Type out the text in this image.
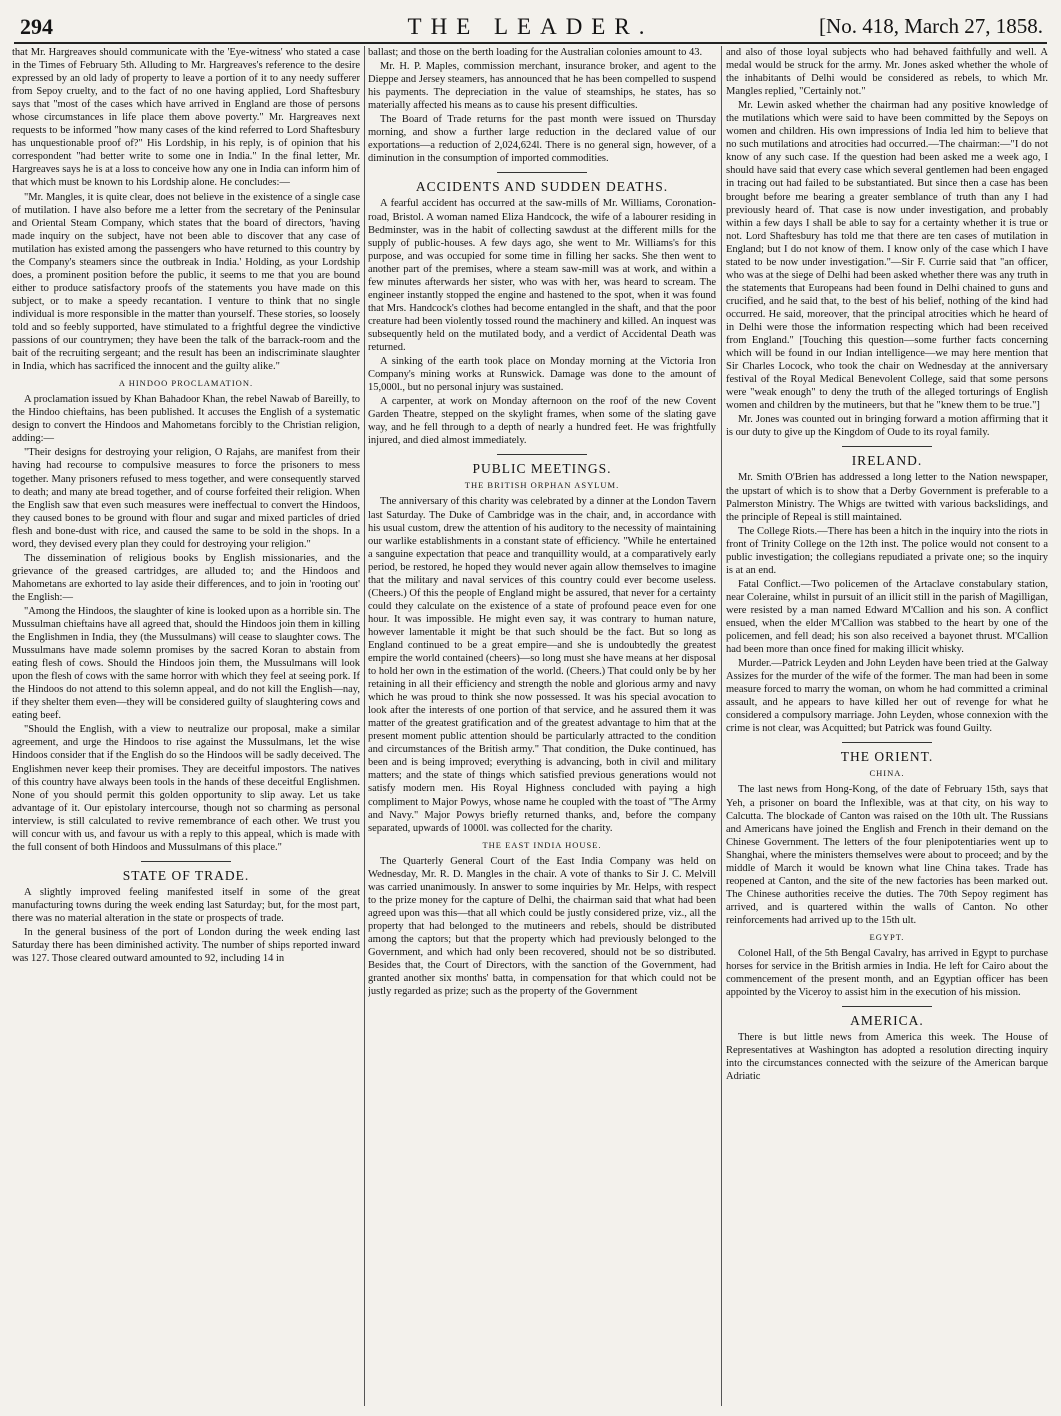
294	THE LEADER.	[No. 418, March 27, 1858.

that Mr. Hargreaves should communicate with the 'Eye-witness' who stated a case in the Times of February 5th. Alluding to Mr. Hargreaves's reference to the desire expressed by an old lady of property to leave a portion of it to any needy sufferer from Sepoy cruelty, and to the fact of no one having applied, Lord Shaftesbury says that "most of the cases which have arrived in England are those of persons whose circumstances in life place them above poverty." Mr. Hargreaves next requests to be informed "how many cases of the kind referred to Lord Shaftesbury has unquestionable proof of?" His Lordship, in his reply, is of opinion that his correspondent "had better write to some one in India." In the final letter, Mr. Hargreaves says he is at a loss to conceive how any one in India can inform him of that which must be known to his Lordship alone. He concludes:—

"Mr. Mangles, it is quite clear, does not believe in the existence of a single case of mutilation. I have also before me a letter from the secretary of the Peninsular and Oriental Steam Company, which states that the board of directors, 'having made inquiry on the subject, have not been able to discover that any case of mutilation has existed among the passengers who have returned to this country by the Company's steamers since the outbreak in India.' Holding, as your Lordship does, a prominent position before the public, it seems to me that you are bound either to produce satisfactory proofs of the statements you have made on this subject, or to make a speedy recantation. I venture to think that no single individual is more responsible in the matter than yourself. These stories, so loosely told and so feebly supported, have stimulated to a frightful degree the vindictive passions of our countrymen; they have been the talk of the barrack-room and the bait of the recruiting sergeant; and the result has been an indiscriminate slaughter in India, which has sacrificed the innocent and the guilty alike."

A HINDOO PROCLAMATION.

A proclamation issued by Khan Bahadoor Khan, the rebel Nawab of Bareilly, to the Hindoo chieftains, has been published. It accuses the English of a systematic design to convert the Hindoos and Mahometans forcibly to the Christian religion, adding:—

"Their designs for destroying your religion, O Rajahs, are manifest from their having had recourse to compulsive measures to force the prisoners to mess together. Many prisoners refused to mess together, and were consequently starved to death; and many ate bread together, and of course forfeited their religion. When the English saw that even such measures were ineffectual to convert the Hindoos, they caused bones to be ground with flour and sugar and mixed particles of dried flesh and bone-dust with rice, and caused the same to be sold in the shops. In a word, they devised every plan they could for destroying your religion."

The dissemination of religious books by English missionaries, and the grievance of the greased cartridges, are alluded to; and the Hindoos and Mahometans are exhorted to lay aside their differences, and to join in 'rooting out' the English:—

"Among the Hindoos, the slaughter of kine is looked upon as a horrible sin. The Mussulman chieftains have all agreed that, should the Hindoos join them in killing the Englishmen in India, they (the Mussulmans) will cease to slaughter cows. The Mussulmans have made solemn promises by the sacred Koran to abstain from eating flesh of cows. Should the Hindoos join them, the Mussulmans will look upon the flesh of cows with the same horror with which they feel at seeing pork. If the Hindoos do not attend to this solemn appeal, and do not kill the English—nay, if they shelter them even—they will be considered guilty of slaughtering cows and eating beef.

"Should the English, with a view to neutralize our proposal, make a similar agreement, and urge the Hindoos to rise against the Mussulmans, let the wise Hindoos consider that if the English do so the Hindoos will be sadly deceived. The Englishmen never keep their promises. They are deceitful impostors. The natives of this country have always been tools in the hands of these deceitful Englishmen. None of you should permit this golden opportunity to slip away. Let us take advantage of it. Our epistolary intercourse, though not so charming as personal interview, is still calculated to revive remembrance of each other. We trust you will concur with us, and favour us with a reply to this appeal, which is made with the full consent of both Hindoos and Mussulmans of this place."

STATE OF TRADE.

A slightly improved feeling manifested itself in some of the great manufacturing towns during the week ending last Saturday; but, for the most part, there was no material alteration in the state or prospects of trade.

In the general business of the port of London during the week ending last Saturday there has been diminished activity. The number of ships reported inward was 127. Those cleared outward amounted to 92, including 14 in

ballast; and those on the berth loading for the Australian colonies amount to 43.

Mr. H. P. Maples, commission merchant, insurance broker, and agent to the Dieppe and Jersey steamers, has announced that he has been compelled to suspend his payments. The depreciation in the value of steamships, he states, has so materially affected his means as to cause his present difficulties.

The Board of Trade returns for the past month were issued on Thursday morning, and show a further large reduction in the declared value of our exportations—a reduction of 2,024,624l. There is no general sign, however, of a diminution in the consumption of imported commodities.

ACCIDENTS AND SUDDEN DEATHS.

A fearful accident has occurred at the saw-mills of Mr. Williams, Coronation-road, Bristol. A woman named Eliza Handcock, the wife of a labourer residing in Bedminster, was in the habit of collecting sawdust at the different mills for the supply of public-houses. A few days ago, she went to Mr. Williams's for this purpose, and was occupied for some time in filling her sacks. She then went to another part of the premises, where a steam saw-mill was at work, and within a few minutes afterwards her sister, who was with her, was heard to scream. The engineer instantly stopped the engine and hastened to the spot, when it was found that Mrs. Handcock's clothes had become entangled in the shaft, and that the poor creature had been violently tossed round the machinery and killed. An inquest was subsequently held on the mutilated body, and a verdict of Accidental Death was returned.

A sinking of the earth took place on Monday morning at the Victoria Iron Company's mining works at Runswick. Damage was done to the amount of 15,000l., but no personal injury was sustained.

A carpenter, at work on Monday afternoon on the roof of the new Covent Garden Theatre, stepped on the skylight frames, when some of the slating gave way, and he fell through to a depth of nearly a hundred feet. He was frightfully injured, and died almost immediately.

PUBLIC MEETINGS.
THE BRITISH ORPHAN ASYLUM.

The anniversary of this charity was celebrated by a dinner at the London Tavern last Saturday. The Duke of Cambridge was in the chair, and, in accordance with his usual custom, drew the attention of his auditory to the necessity of maintaining our warlike establishments in a constant state of efficiency. "While he entertained a sanguine expectation that peace and tranquillity would, at a comparatively early period, be restored, he hoped they would never again allow themselves to imagine that the military and naval services of this country could ever become useless. (Cheers.) Of this the people of England might be assured, that never for a certainty could they calculate on the existence of a state of profound peace even for one hour. It was impossible. He might even say, it was contrary to human nature, however lamentable it might be that such should be the fact. But so long as England continued to be a great empire—and she is undoubtedly the greatest empire the world contained (cheers)—so long must she have means at her disposal to hold her own in the estimation of the world. (Cheers.) That could only be by her retaining in all their efficiency and strength the noble and glorious army and navy which he was proud to think she now possessed. It was his special avocation to look after the interests of one portion of that service, and he assured them it was matter of the greatest gratification and of the greatest advantage to him that at the present moment public attention should be particularly attracted to the condition and circumstances of the British army." That condition, the Duke continued, has been and is being improved; everything is advancing, both in civil and military matters; and the state of things which satisfied previous generations would not satisfy modern men. His Royal Highness concluded with paying a high compliment to Major Powys, whose name he coupled with the toast of "The Army and Navy." Major Powys briefly returned thanks, and, before the company separated, upwards of 1000l. was collected for the charity.

THE EAST INDIA HOUSE.

The Quarterly General Court of the East India Company was held on Wednesday, Mr. R. D. Mangles in the chair. A vote of thanks to Sir J. C. Melvill was carried unanimously. In answer to some inquiries by Mr. Helps, with respect to the prize money for the capture of Delhi, the chairman said that what had been agreed upon was this—that all which could be justly considered prize, viz., all the property that had belonged to the mutineers and rebels, should be distributed among the captors; but that the property which had previously belonged to the Government, and which had only been recovered, should not be so distributed. Besides that, the Court of Directors, with the sanction of the Government, had granted another six months' batta, in compensation for that which could not be justly regarded as prize; such as the property of the Government

and also of those loyal subjects who had behaved faithfully and well. A medal would be struck for the army. Mr. Jones asked whether the whole of the inhabitants of Delhi would be considered as rebels, to which Mr. Mangles replied, "Certainly not."

Mr. Lewin asked whether the chairman had any positive knowledge of the mutilations which were said to have been committed by the Sepoys on women and children. His own impressions of India led him to believe that no such mutilations and atrocities had occurred.—The chairman:—"I do not know of any such case. If the question had been asked me a week ago, I should have said that every case which several gentlemen had been engaged in tracing out had failed to be substantiated. But since then a case has been brought before me bearing a greater semblance of truth than any I had previously heard of. That case is now under investigation, and probably within a few days I shall be able to say for a certainty whether it is true or not. Lord Shaftesbury has told me that there are ten cases of mutilation in England; but I do not know of them. I know only of the case which I have stated to be now under investigation."—Sir F. Currie said that "an officer, who was at the siege of Delhi had been asked whether there was any truth in the statements that Europeans had been found in Delhi chained to guns and crucified, and he said that, to the best of his belief, nothing of the kind had occurred. He said, moreover, that the principal atrocities which he heard of in Delhi were those the information respecting which had been received from England." [Touching this question—some further facts concerning which will be found in our Indian intelligence—we may here mention that Sir Charles Locock, who took the chair on Wednesday at the anniversary festival of the Royal Medical Benevolent College, said that some persons were "weak enough" to deny the truth of the alleged torturings of English women and children by the mutineers, but that he "knew them to be true."]

Mr. Jones was counted out in bringing forward a motion affirming that it is our duty to give up the Kingdom of Oude to its royal family.

IRELAND.

Mr. Smith O'Brien has addressed a long letter to the Nation newspaper, the upstart of which is to show that a Derby Government is preferable to a Palmerston Ministry. The Whigs are twitted with various backslidings, and the principle of Repeal is still maintained.

The College Riots.—There has been a hitch in the inquiry into the riots in front of Trinity College on the 12th inst. The police would not consent to a public investigation; the collegians repudiated a private one; so the inquiry is at an end.

Fatal Conflict.—Two policemen of the Artaclave constabulary station, near Coleraine, whilst in pursuit of an illicit still in the parish of Magilligan, were resisted by a man named Edward M'Callion and his son. A conflict ensued, when the elder M'Callion was stabbed to the heart by one of the policemen, and fell dead; his son also received a bayonet thrust. M'Callion had been more than once fined for making illicit whisky.

Murder.—Patrick Leyden and John Leyden have been tried at the Galway Assizes for the murder of the wife of the former. The man had been in some measure forced to marry the woman, on whom he had committed a criminal assault, and he appears to have killed her out of revenge for what he considered a compulsory marriage. John Leyden, whose connexion with the crime is not clear, was Acquitted; but Patrick was found Guilty.

THE ORIENT.
CHINA.

The last news from Hong-Kong, of the date of February 15th, says that Yeh, a prisoner on board the Inflexible, was at that city, on his way to Calcutta. The blockade of Canton was raised on the 10th ult. The Russians and Americans have joined the English and French in their demand on the Chinese Government. The letters of the four plenipotentiaries went up to Shanghai, where the ministers themselves were about to proceed; and by the middle of March it would be known what line China takes. Trade has reopened at Canton, and the site of the new factories has been marked out. The Chinese authorities receive the duties. The 70th Sepoy regiment has arrived, and is quartered within the walls of Canton. No other reinforcements had arrived up to the 15th ult.

EGYPT.

Colonel Hall, of the 5th Bengal Cavalry, has arrived in Egypt to purchase horses for service in the British armies in India. He left for Cairo about the commencement of the present month, and an Egyptian officer has been appointed by the Viceroy to assist him in the execution of his mission.

AMERICA.

There is but little news from America this week. The House of Representatives at Washington has adopted a resolution directing inquiry into the circumstances connected with the seizure of the American barque Adriatic
